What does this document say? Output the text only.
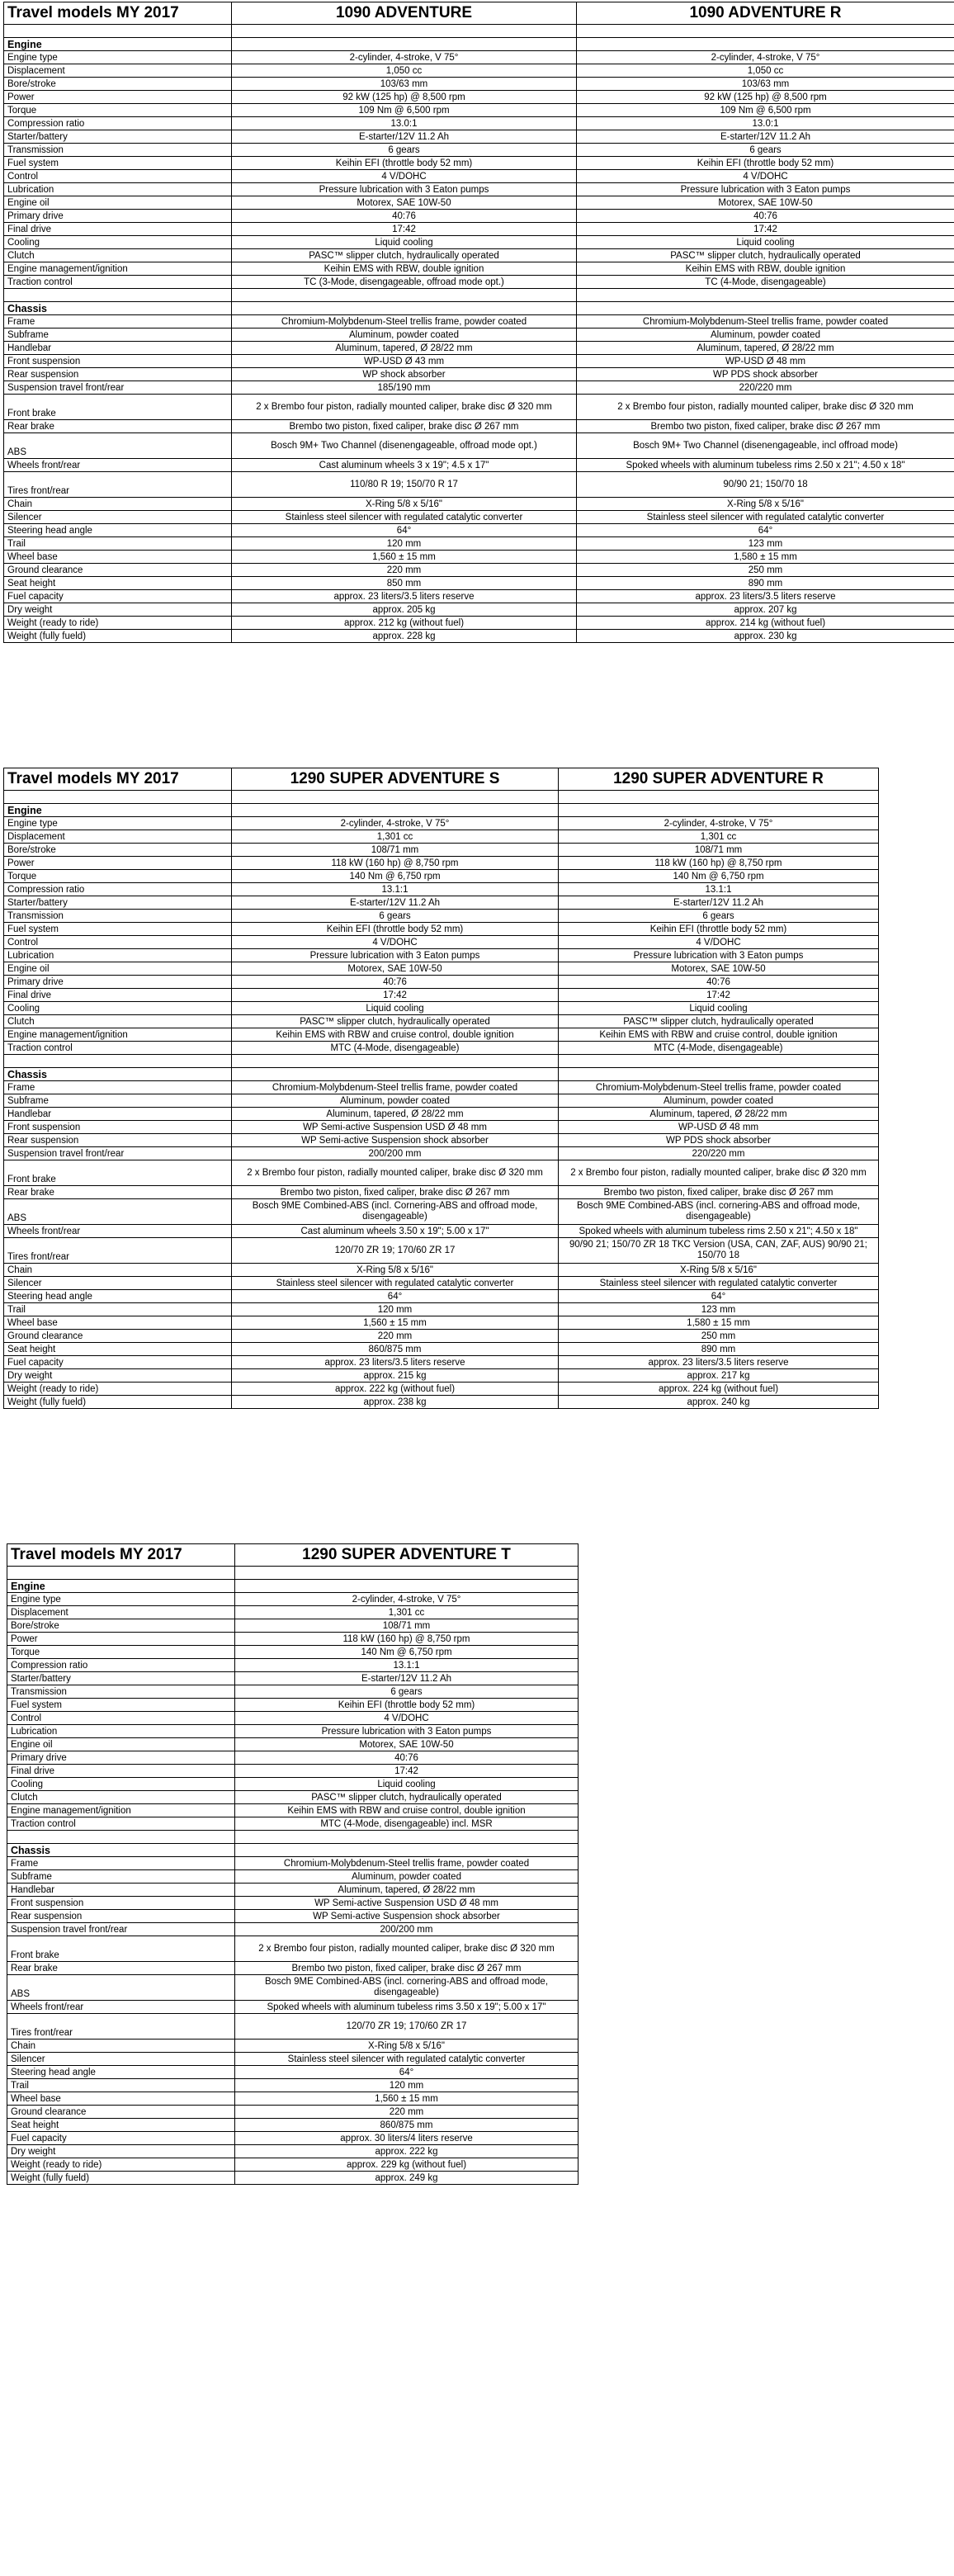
Travel models MY 2017	1090 ADVENTURE	1090 ADVENTURE R

Engine		
Engine type	2-cylinder, 4-stroke, V 75°	2-cylinder, 4-stroke, V 75°
Displacement	1,050 cc	1,050 cc
Bore/stroke	103/63 mm	103/63 mm
Power	92 kW (125 hp) @ 8,500 rpm	92 kW (125 hp) @ 8,500 rpm
Torque	109 Nm @ 6,500 rpm	109 Nm @ 6,500 rpm
Compression ratio	13.0:1	13.0:1
Starter/battery	E-starter/12V 11.2 Ah	E-starter/12V 11.2 Ah
Transmission	6 gears	6 gears
Fuel system	Keihin EFI (throttle body 52 mm)	Keihin EFI (throttle body 52 mm)
Control	4 V/DOHC	4 V/DOHC
Lubrication	Pressure lubrication with 3 Eaton pumps	Pressure lubrication with 3 Eaton pumps
Engine oil	Motorex, SAE 10W-50	Motorex, SAE 10W-50
Primary drive	40:76	40:76
Final drive	17:42	17:42
Cooling	Liquid cooling	Liquid cooling
Clutch	PASC™ slipper clutch, hydraulically operated	PASC™ slipper clutch, hydraulically operated
Engine management/ignition	Keihin EMS with RBW, double ignition	Keihin EMS with RBW, double ignition
Traction control	TC (3-Mode, disengageable, offroad mode opt.)	TC (4-Mode, disengageable)

Chassis		
Frame	Chromium-Molybdenum-Steel trellis frame, powder coated	Chromium-Molybdenum-Steel trellis frame, powder coated
Subframe	Aluminum, powder coated	Aluminum, powder coated
Handlebar	Aluminum, tapered, Ø 28/22 mm	Aluminum, tapered, Ø 28/22 mm
Front suspension	WP-USD Ø 43 mm	WP-USD Ø 48 mm
Rear suspension	WP shock absorber	WP PDS shock absorber
Suspension travel front/rear	185/190 mm	220/220 mm
Front brake	2 x Brembo four piston, radially mounted caliper, brake disc Ø 320 mm	2 x Brembo four piston, radially mounted caliper, brake disc Ø 320 mm
Rear brake	Brembo two piston, fixed caliper, brake disc Ø 267 mm	Brembo two piston, fixed caliper, brake disc Ø 267 mm
ABS	Bosch 9M+ Two Channel (disenengageable, offroad mode opt.)	Bosch 9M+ Two Channel (disenengageable, incl offroad mode)
Wheels front/rear	Cast aluminum wheels 3 x 19"; 4.5 x 17"	Spoked wheels with aluminum tubeless rims 2.50 x 21"; 4.50 x 18"
Tires front/rear	110/80 R 19; 150/70 R 17	90/90 21; 150/70 18
Chain	X-Ring 5/8 x 5/16"	X-Ring 5/8 x 5/16"
Silencer	Stainless steel silencer with regulated catalytic converter	Stainless steel silencer with regulated catalytic converter
Steering head angle	64°	64°
Trail	120 mm	123 mm
Wheel base	1,560 ± 15 mm	1,580 ± 15 mm
Ground clearance	220 mm	250 mm
Seat height	850 mm	890 mm
Fuel capacity	approx. 23 liters/3.5 liters reserve	approx. 23 liters/3.5 liters reserve
Dry weight	approx. 205 kg	approx. 207 kg
Weight (ready to ride)	approx. 212 kg (without fuel)	approx. 214 kg (without fuel)
Weight (fully fueld)	approx. 228 kg	approx. 230 kg
Travel models MY 2017	1290 SUPER ADVENTURE S	1290 SUPER ADVENTURE R

Engine		
Engine type	2-cylinder, 4-stroke, V 75°	2-cylinder, 4-stroke, V 75°
Displacement	1,301 cc	1,301 cc
Bore/stroke	108/71 mm	108/71 mm
Power	118 kW (160 hp) @ 8,750 rpm	118 kW (160 hp) @ 8,750 rpm
Torque	140 Nm @ 6,750 rpm	140 Nm @ 6,750 rpm
Compression ratio	13.1:1	13.1:1
Starter/battery	E-starter/12V 11.2 Ah	E-starter/12V 11.2 Ah
Transmission	6 gears	6 gears
Fuel system	Keihin EFI (throttle body 52 mm)	Keihin EFI (throttle body 52 mm)
Control	4 V/DOHC	4 V/DOHC
Lubrication	Pressure lubrication with 3 Eaton pumps	Pressure lubrication with 3 Eaton pumps
Engine oil	Motorex, SAE 10W-50	Motorex, SAE 10W-50
Primary drive	40:76	40:76
Final drive	17:42	17:42
Cooling	Liquid cooling	Liquid cooling
Clutch	PASC™ slipper clutch, hydraulically operated	PASC™ slipper clutch, hydraulically operated
Engine management/ignition	Keihin EMS with RBW and cruise control, double ignition	Keihin EMS with RBW and cruise control, double ignition
Traction control	MTC (4-Mode, disengageable)	MTC (4-Mode, disengageable)

Chassis		
Frame	Chromium-Molybdenum-Steel trellis frame, powder coated	Chromium-Molybdenum-Steel trellis frame, powder coated
Subframe	Aluminum, powder coated	Aluminum, powder coated
Handlebar	Aluminum, tapered, Ø 28/22 mm	Aluminum, tapered, Ø 28/22 mm
Front suspension	WP Semi-active Suspension USD Ø 48 mm	WP-USD Ø 48 mm
Rear suspension	WP Semi-active Suspension shock absorber	WP PDS shock absorber
Suspension travel front/rear	200/200 mm	220/220 mm
Front brake	2 x Brembo four piston, radially mounted caliper, brake disc Ø 320 mm	2 x Brembo four piston, radially mounted caliper, brake disc Ø 320 mm
Rear brake	Brembo two piston, fixed caliper, brake disc Ø 267 mm	Brembo two piston, fixed caliper, brake disc Ø 267 mm
ABS	Bosch 9ME Combined-ABS (incl. Cornering-ABS and offroad mode, disengageable)	Bosch 9ME Combined-ABS (incl. cornering-ABS and offroad mode, disengageable)
Wheels front/rear	Cast aluminum wheels 3.50 x 19"; 5.00 x 17"	Spoked wheels with aluminum tubeless rims 2.50 x 21"; 4.50 x 18"
Tires front/rear	120/70 ZR 19; 170/60 ZR 17	90/90 21; 150/70 ZR 18 TKC Version (USA, CAN, ZAF, AUS) 90/90 21; 150/70 18
Chain	X-Ring 5/8 x 5/16"	X-Ring 5/8 x 5/16"
Silencer	Stainless steel silencer with regulated catalytic converter	Stainless steel silencer with regulated catalytic converter
Steering head angle	64°	64°
Trail	120 mm	123 mm
Wheel base	1,560 ± 15 mm	1,580 ± 15 mm
Ground clearance	220 mm	250 mm
Seat height	860/875 mm	890 mm
Fuel capacity	approx. 23 liters/3.5 liters reserve	approx. 23 liters/3.5 liters reserve
Dry weight	approx. 215 kg	approx. 217 kg
Weight (ready to ride)	approx. 222 kg (without fuel)	approx. 224 kg (without fuel)
Weight (fully fueld)	approx. 238 kg	approx. 240 kg
Travel models MY 2017	1290 SUPER ADVENTURE T

Engine	
Engine type	2-cylinder, 4-stroke, V 75°
Displacement	1,301 cc
Bore/stroke	108/71 mm
Power	118 kW (160 hp) @ 8,750 rpm
Torque	140 Nm @ 6,750 rpm
Compression ratio	13.1:1
Starter/battery	E-starter/12V 11.2 Ah
Transmission	6 gears
Fuel system	Keihin EFI (throttle body 52 mm)
Control	4 V/DOHC
Lubrication	Pressure lubrication with 3 Eaton pumps
Engine oil	Motorex, SAE 10W-50
Primary drive	40:76
Final drive	17:42
Cooling	Liquid cooling
Clutch	PASC™ slipper clutch, hydraulically operated
Engine management/ignition	Keihin EMS with RBW and cruise control, double ignition
Traction control	MTC (4-Mode, disengageable) incl. MSR

Chassis	
Frame	Chromium-Molybdenum-Steel trellis frame, powder coated
Subframe	Aluminum, powder coated
Handlebar	Aluminum, tapered, Ø 28/22 mm
Front suspension	WP Semi-active Suspension USD Ø 48 mm
Rear suspension	WP Semi-active Suspension shock absorber
Suspension travel front/rear	200/200 mm
Front brake	2 x Brembo four piston, radially mounted caliper, brake disc Ø 320 mm
Rear brake	Brembo two piston, fixed caliper, brake disc Ø 267 mm
ABS	Bosch 9ME Combined-ABS (incl. cornering-ABS and offroad mode, disengageable)
Wheels front/rear	Spoked wheels with aluminum tubeless rims 3.50 x 19"; 5.00 x 17"
Tires front/rear	120/70 ZR 19; 170/60 ZR 17
Chain	X-Ring 5/8 x 5/16"
Silencer	Stainless steel silencer with regulated catalytic converter
Steering head angle	64°
Trail	120 mm
Wheel base	1,560 ± 15 mm
Ground clearance	220 mm
Seat height	860/875 mm
Fuel capacity	approx. 30 liters/4 liters reserve
Dry weight	approx. 222 kg
Weight (ready to ride)	approx. 229 kg (without fuel)
Weight (fully fueld)	approx. 249 kg
